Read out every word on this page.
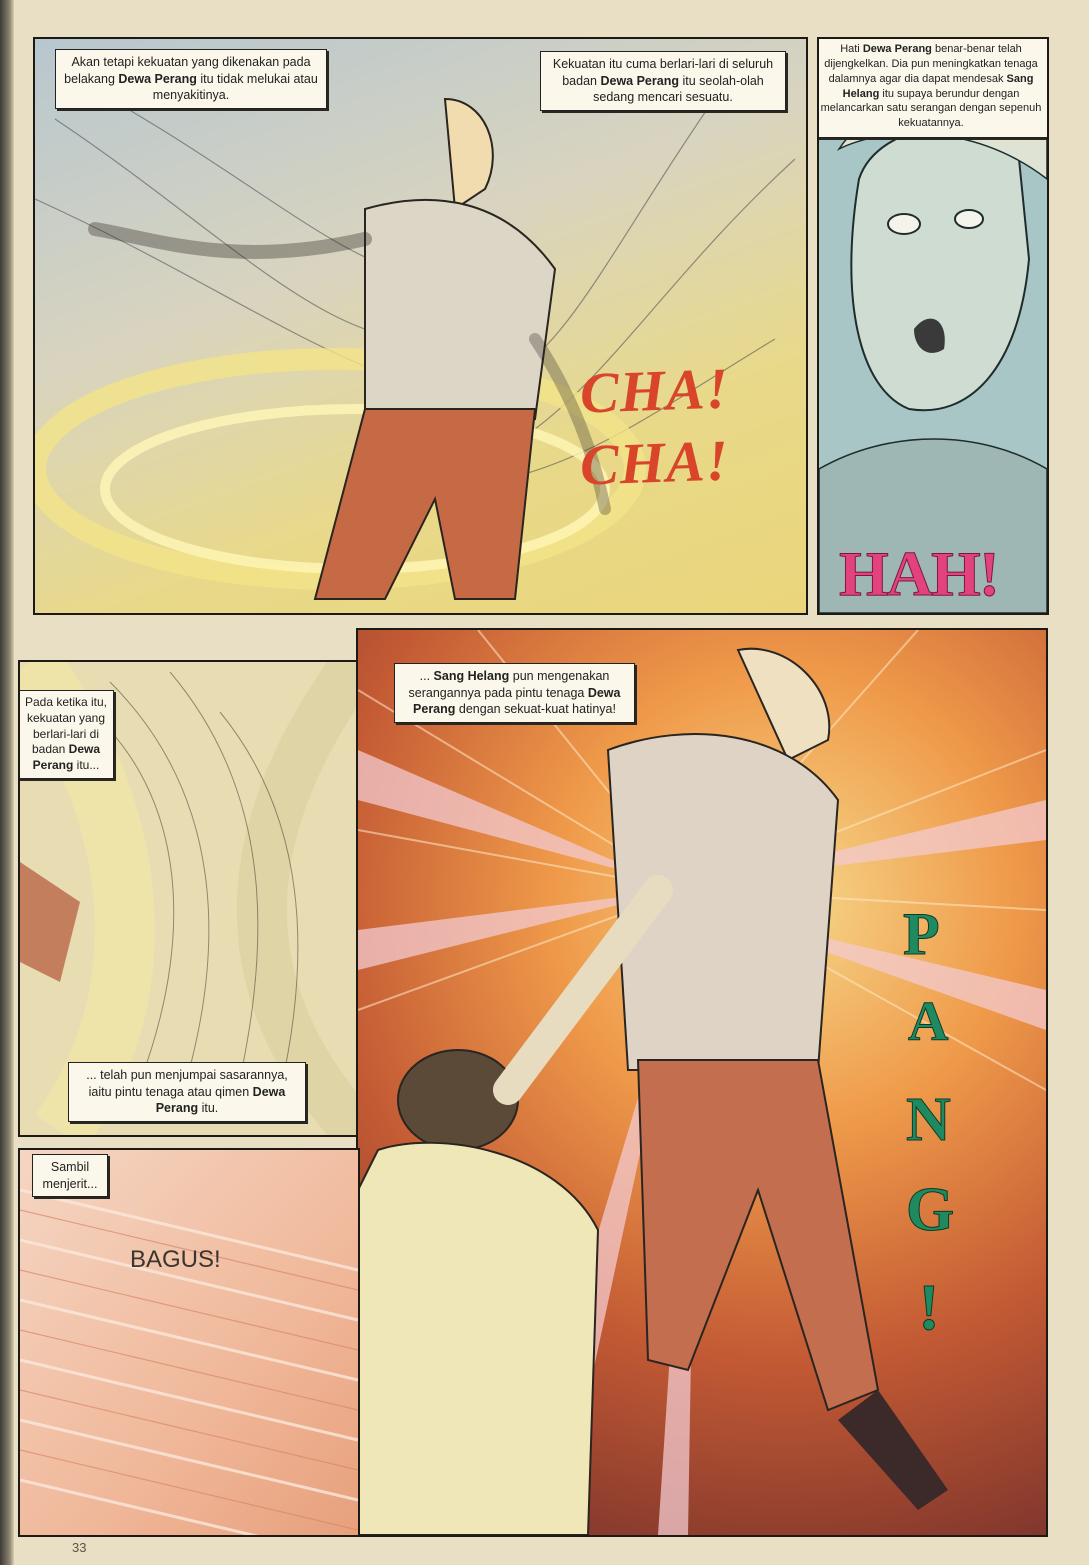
Akan tetapi kekuatan yang dikenakan pada belakang Dewa Perang itu tidak melukai atau menyakitinya.
Kekuatan itu cuma berlari-lari di seluruh badan Dewa Perang itu seolah-olah sedang mencari sesuatu.
CHA!
CHA!
Hati Dewa Perang benar-benar telah dijengkelkan. Dia pun meningkatkan tenaga dalamnya agar dia dapat mendesak Sang Helang itu supaya berundur dengan melancarkan satu serangan dengan sepenuh kekuatannya.
HAH!
Pada ketika itu, kekuatan yang berlari-lari di badan Dewa Perang itu...
... telah pun menjumpai sasarannya, iaitu pintu tenaga atau qimen Dewa Perang itu.
... Sang Helang pun mengenakan serangannya pada pintu tenaga Dewa Perang dengan sekuat-kuat hatinya!
P
A
N
G
!
Sambil menjerit...
BAGUS!
33
